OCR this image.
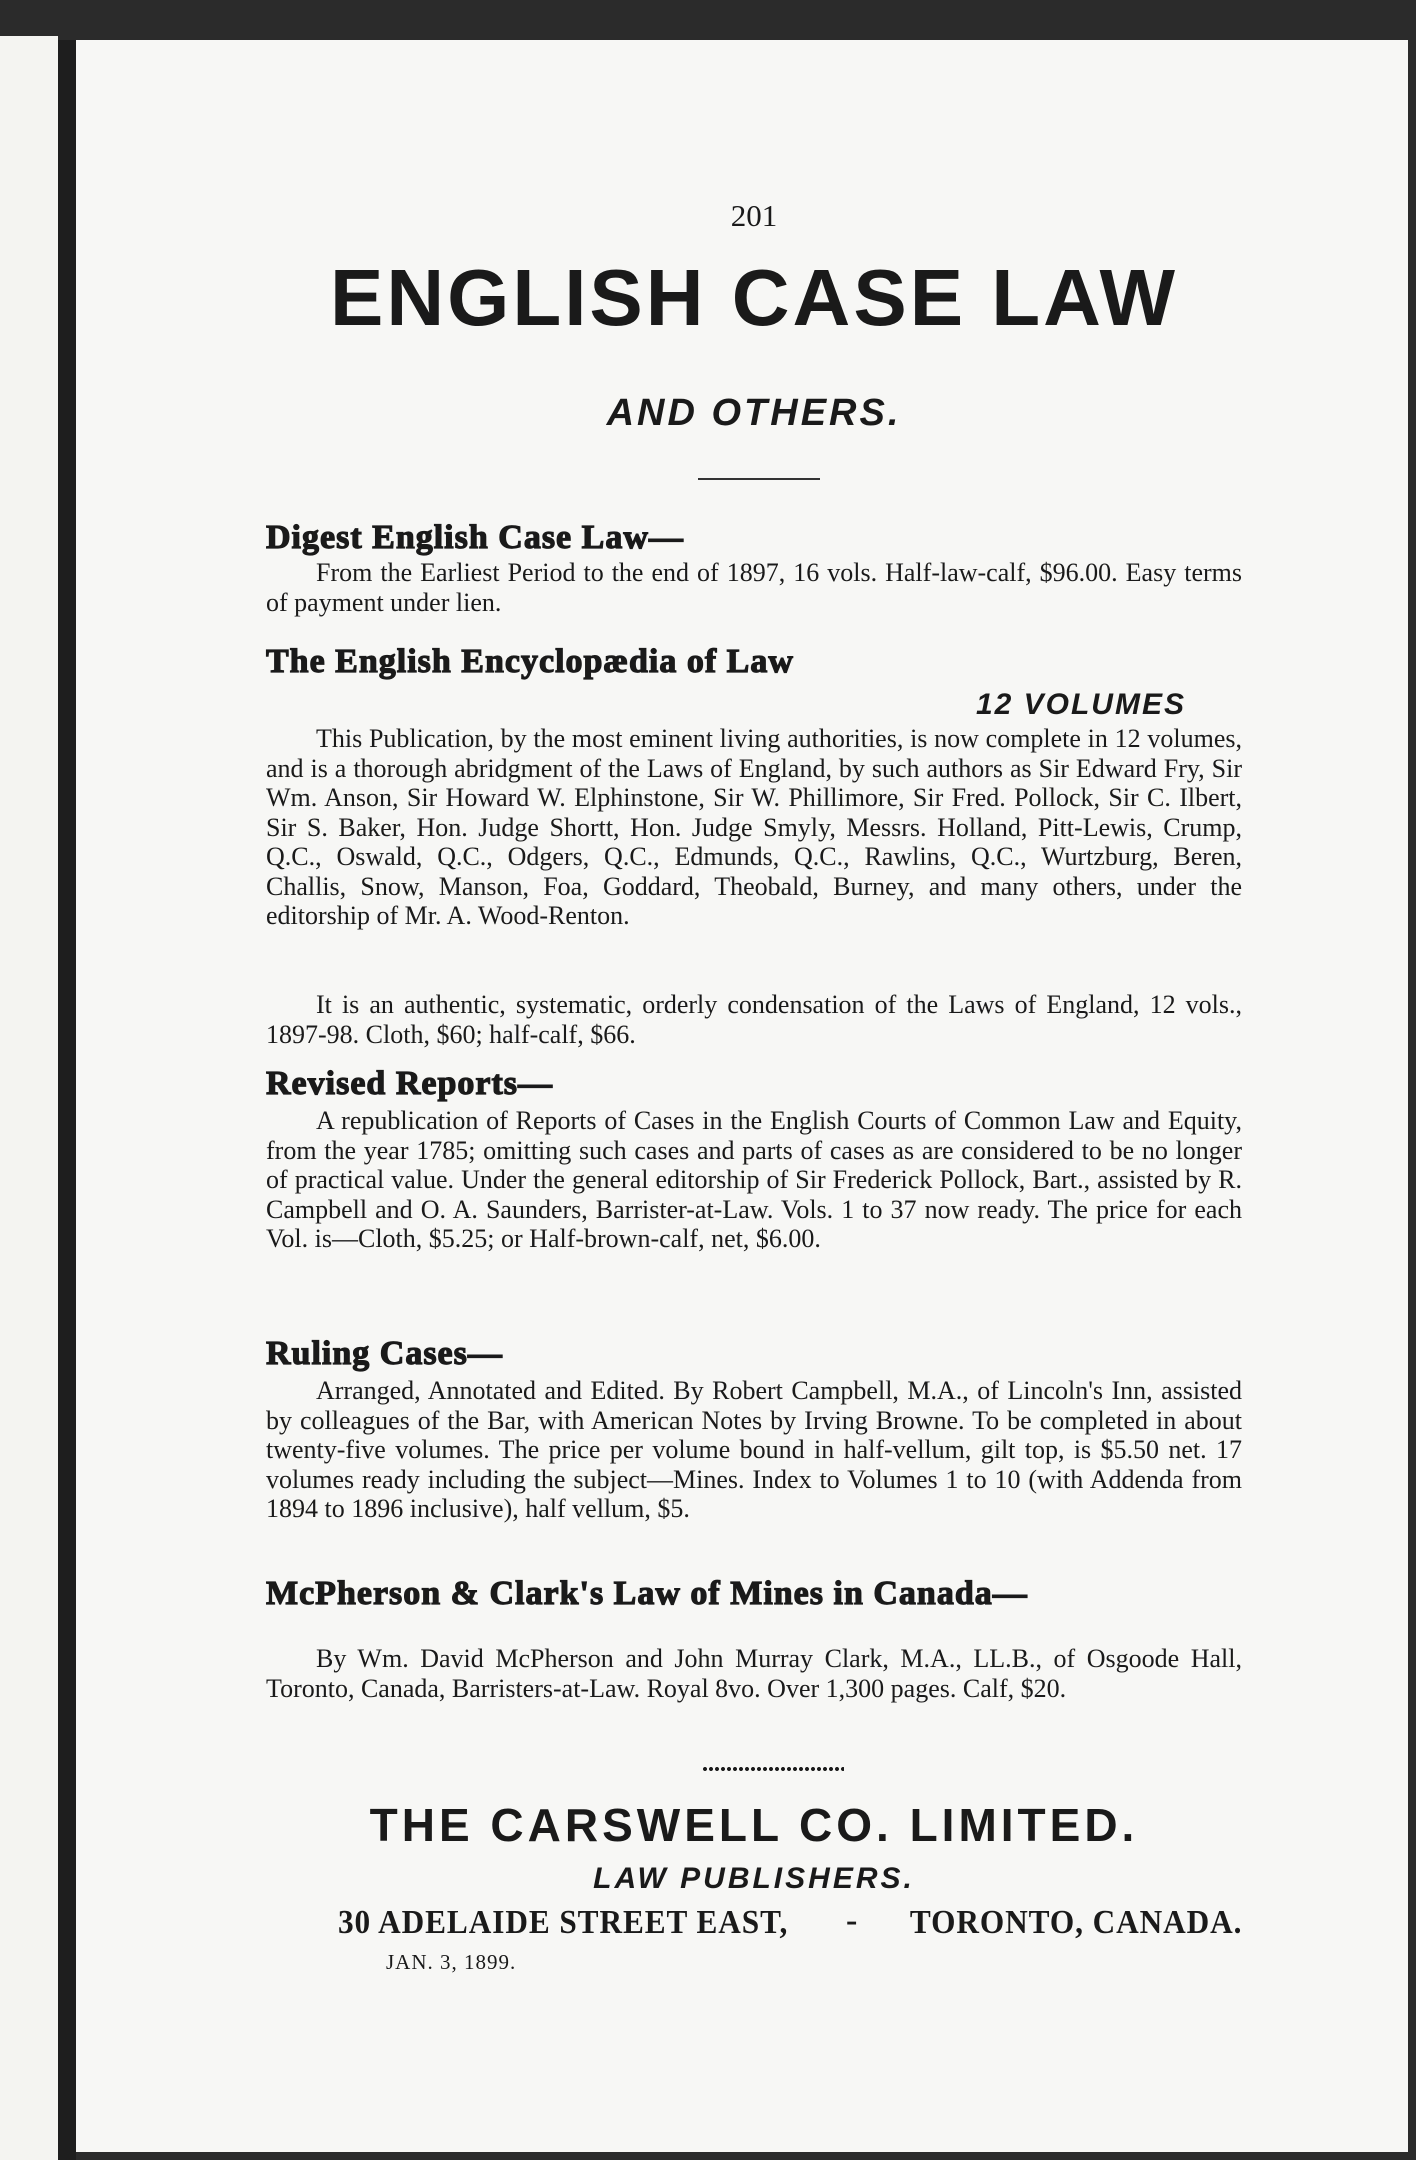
201
ENGLISH CASE LAW
AND OTHERS.
Digest English Case Law—
From the Earliest Period to the end of 1897, 16 vols. Half-law-calf, $96.00. Easy terms of payment under lien.
The English Encyclopædia of Law
12 VOLUMES
This Publication, by the most eminent living authorities, is now complete in 12 volumes, and is a thorough abridgment of the Laws of England, by such authors as Sir Edward Fry, Sir Wm. Anson, Sir Howard W. Elphinstone, Sir W. Phillimore, Sir Fred. Pollock, Sir C. Ilbert, Sir S. Baker, Hon. Judge Shortt, Hon. Judge Smyly, Messrs. Holland, Pitt-Lewis, Crump, Q.C., Oswald, Q.C., Odgers, Q.C., Edmunds, Q.C., Rawlins, Q.C., Wurtzburg, Beren, Challis, Snow, Manson, Foa, Goddard, Theobald, Burney, and many others, under the editorship of Mr. A. Wood-Renton.
It is an authentic, systematic, orderly condensation of the Laws of England, 12 vols., 1897-98. Cloth, $60; half-calf, $66.
Revised Reports—
A republication of Reports of Cases in the English Courts of Common Law and Equity, from the year 1785; omitting such cases and parts of cases as are considered to be no longer of practical value. Under the general editorship of Sir Frederick Pollock, Bart., assisted by R. Campbell and O. A. Saunders, Barrister-at-Law. Vols. 1 to 37 now ready. The price for each Vol. is—Cloth, $5.25; or Half-brown-calf, net, $6.00.
Ruling Cases—
Arranged, Annotated and Edited. By Robert Campbell, M.A., of Lincoln's Inn, assisted by colleagues of the Bar, with American Notes by Irving Browne. To be completed in about twenty-five volumes. The price per volume bound in half-vellum, gilt top, is $5.50 net. 17 volumes ready including the subject—Mines. Index to Volumes 1 to 10 (with Addenda from 1894 to 1896 inclusive), half vellum, $5.
McPherson & Clark's Law of Mines in Canada—
By Wm. David McPherson and John Murray Clark, M.A., LL.B., of Osgoode Hall, Toronto, Canada, Barristers-at-Law. Royal 8vo. Over 1,300 pages. Calf, $20.
THE CARSWELL CO. LIMITED.
LAW PUBLISHERS.
30 ADELAIDE STREET EAST, - TORONTO, CANADA.
JAN. 3, 1899.
